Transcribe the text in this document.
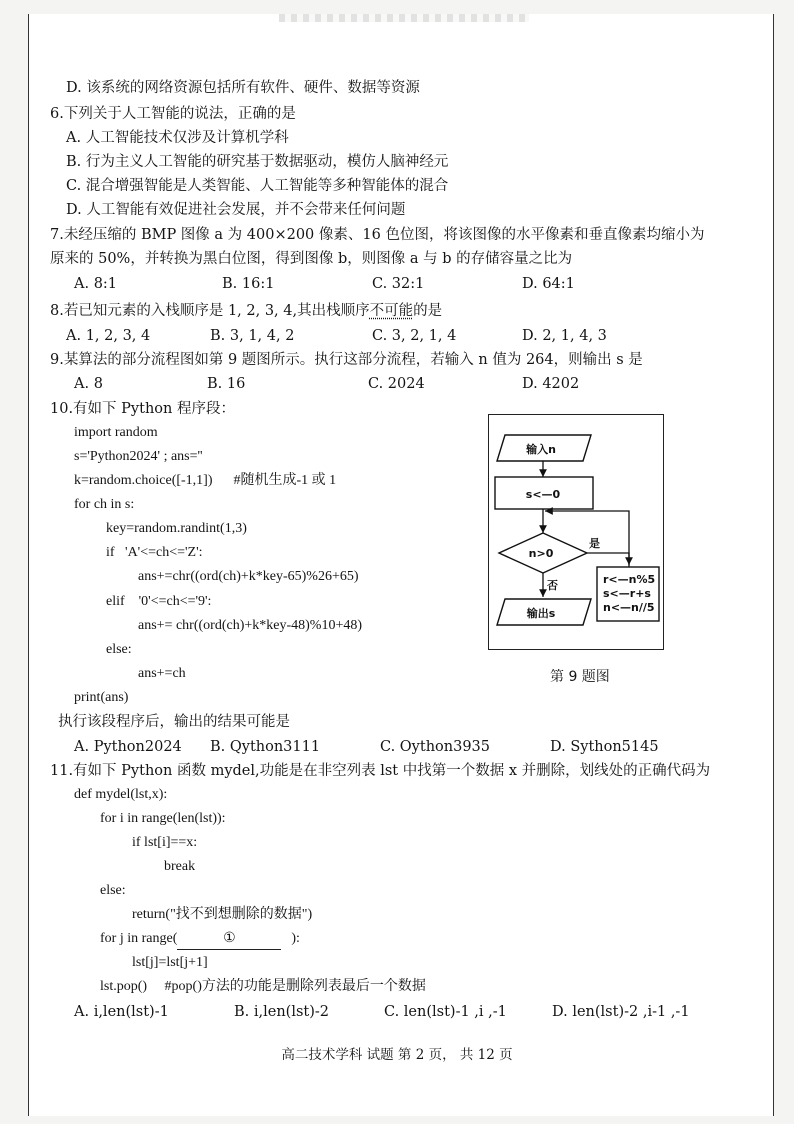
D. 该系统的网络资源包括所有软件、硬件、数据等资源
6.下列关于人工智能的说法，正确的是
A. 人工智能技术仅涉及计算机学科
B. 行为主义人工智能的研究基于数据驱动，模仿人脑神经元
C. 混合增强智能是人类智能、人工智能等多种智能体的混合
D. 人工智能有效促进社会发展，并不会带来任何问题
7.未经压缩的 BMP 图像 a 为 400×200 像素、16 色位图，将该图像的水平像素和垂直像素均缩小为
原来的 50%，并转换为黑白位图，得到图像 b，则图像 a 与 b 的存储容量之比为
A. 8:1	B. 16:1	C. 32:1	D. 64:1
8.若已知元素的入栈顺序是 1, 2, 3, 4,其出栈顺序不可能的是
A. 1, 2, 3, 4	B. 3, 1, 4, 2	C. 3, 2, 1, 4	D. 2, 1, 4, 3
9.某算法的部分流程图如第 9 题图所示。执行这部分流程，若输入 n 值为 264，则输出 s 是
A. 8	B. 16	C. 2024	D. 4202
10.有如下 Python 程序段：
import random
s='Python2024' ; ans=''
k=random.choice([-1,1])      #随机生成-1 或 1
for ch in s:
key=random.randint(1,3)
if   'A'<=ch<='Z':
ans+=chr((ord(ch)+k*key-65)%26+65)
elif    '0'<=ch<='9':
ans+= chr((ord(ch)+k*key-48)%10+48)
else:
ans+=ch
print(ans)
执行该段程序后，输出的结果可能是
A. Python2024 B. Qython3111	C. Oython3935	D. Sython5145
输入n
s<—0
n>0
是
r<—n%5
s<—r+s
n<—n//5
否
输出s
第 9 题图
11.有如下 Python 函数 mydel,功能是在非空列表 lst 中找第一个数据 x 并删除，划线处的正确代码为
def mydel(lst,x):
for i in range(len(lst)):
if lst[i]==x:
break
else:
return("找不到想删除的数据")
for j in range(	①	):
lst[j]=lst[j+1]
lst.pop()     #pop()方法的功能是删除列表最后一个数据
A. i,len(lst)-1	B. i,len(lst)-2	C. len(lst)-1 ,i ,-1	D. len(lst)-2 ,i-1 ,-1
高二技术学科 试题 第 2 页， 共 12 页
